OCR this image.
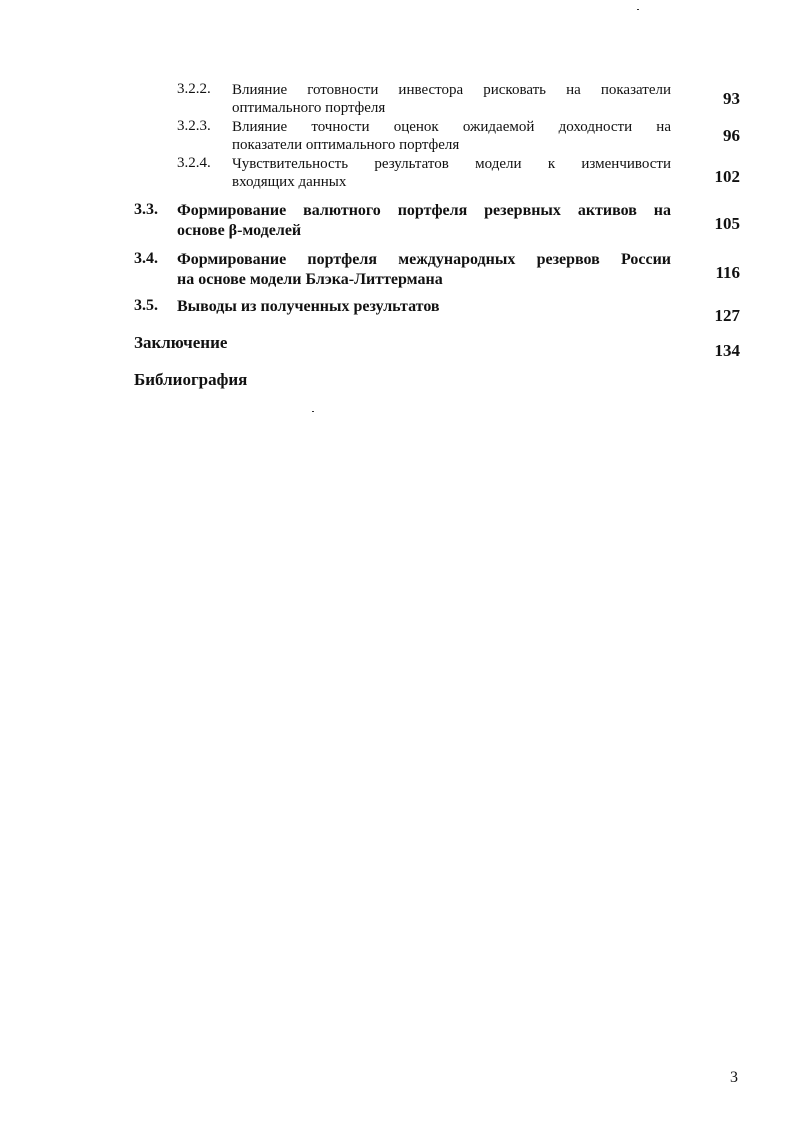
3.2.2. Влияние готовности инвестора рисковать на показатели
оптимального портфеля	93
3.2.3. Влияние точности оценок ожидаемой доходности на
показатели оптимального портфеля	96
3.2.4. Чувствительность результатов модели к изменчивости
входящих данных	102
3.3. Формирование валютного портфеля резервных активов на
основе β-моделей	105
3.4. Формирование портфеля международных резервов России
на основе модели Блэка-Литтермана	116
3.5. Выводы из полученных результатов	127
Заключение	134
Библиография
3
